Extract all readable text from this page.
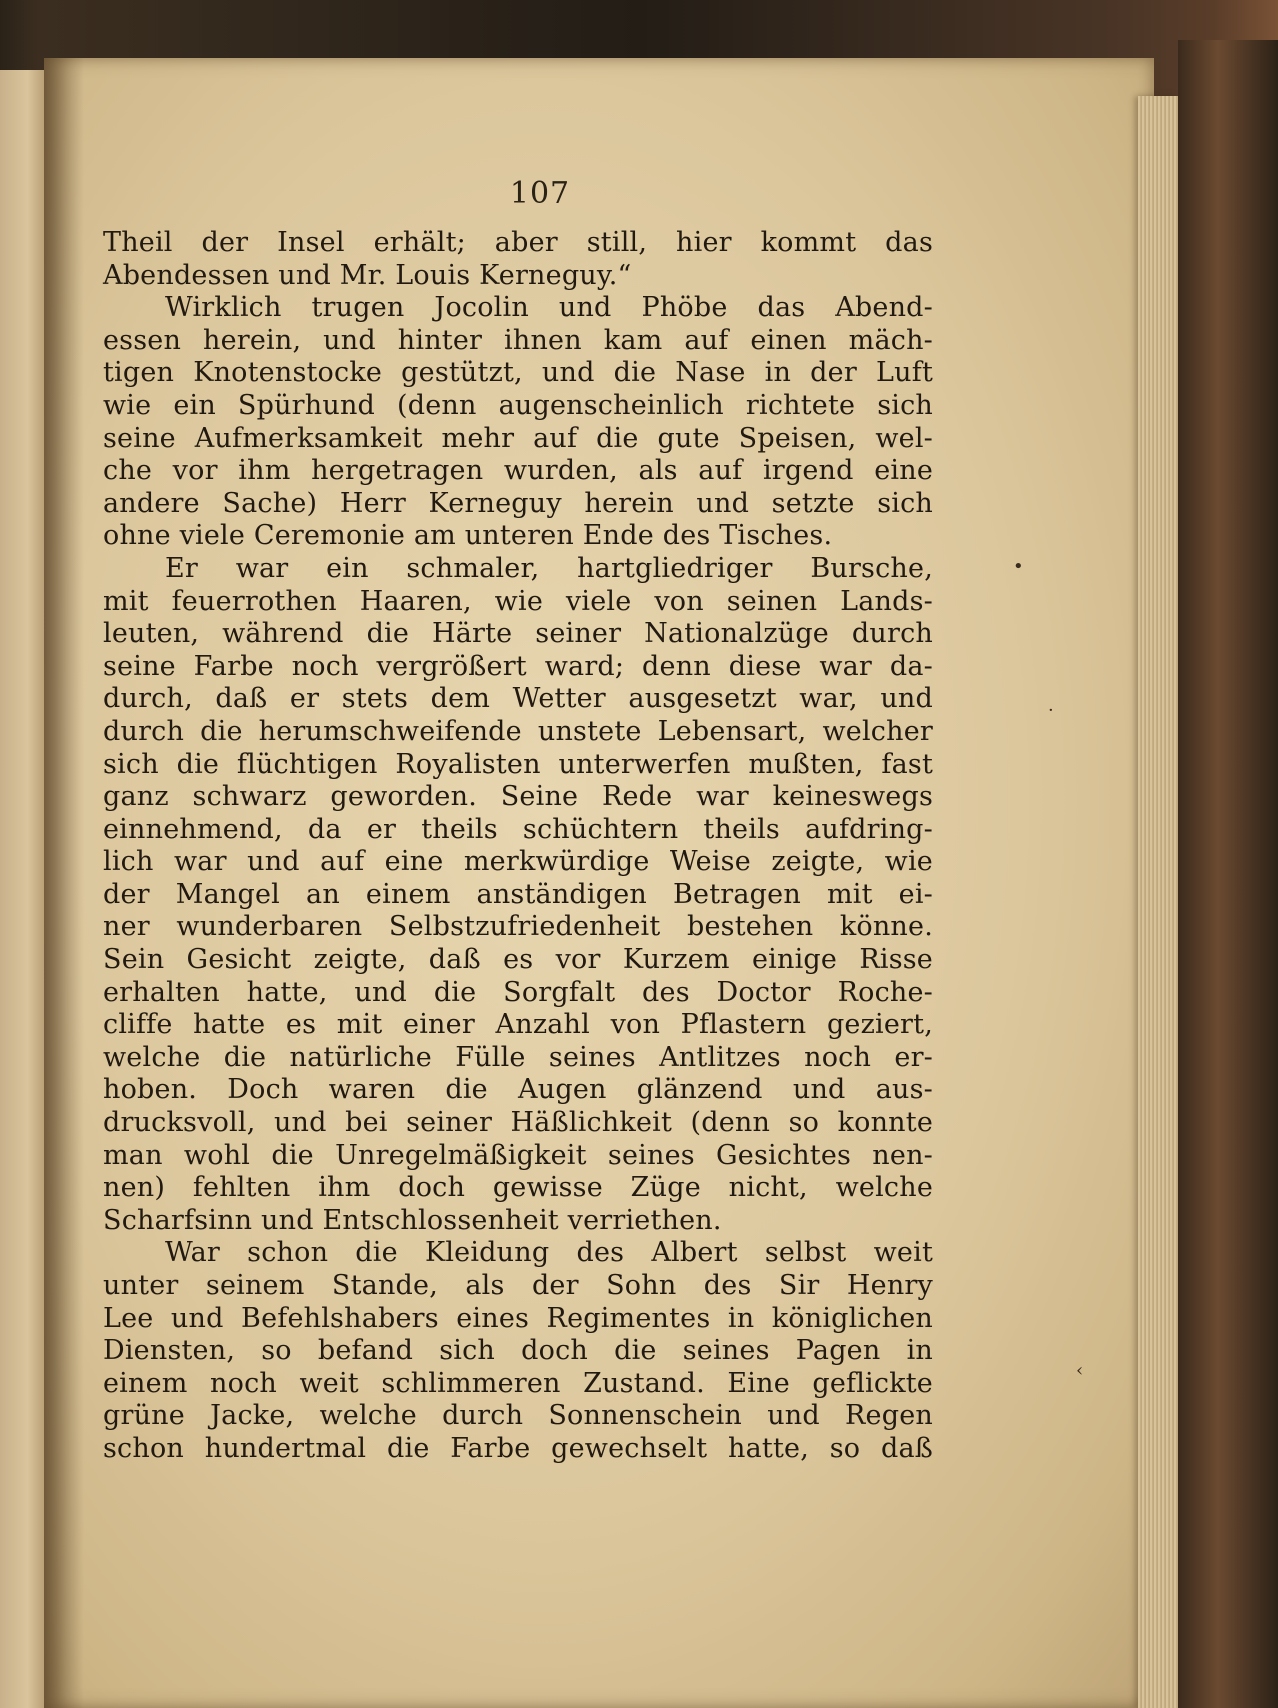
107
Theil der Insel erhält; aber still, hier kommt das
Abendessen und Mr. Louis Kerneguy.“
Wirklich trugen Jocolin und Phöbe das Abend-
essen herein, und hinter ihnen kam auf einen mäch-
tigen Knotenstocke gestützt, und die Nase in der Luft
wie ein Spürhund (denn augenscheinlich richtete sich
seine Aufmerksamkeit mehr auf die gute Speisen, wel-
che vor ihm hergetragen wurden, als auf irgend eine
andere Sache) Herr Kerneguy herein und setzte sich
ohne viele Ceremonie am unteren Ende des Tisches.
Er war ein schmaler, hartgliedriger Bursche,
mit feuerrothen Haaren, wie viele von seinen Lands-
leuten, während die Härte seiner Nationalzüge durch
seine Farbe noch vergrößert ward; denn diese war da-
durch, daß er stets dem Wetter ausgesetzt war, und
durch die herumschweifende unstete Lebensart, welcher
sich die flüchtigen Royalisten unterwerfen mußten, fast
ganz schwarz geworden. Seine Rede war keineswegs
einnehmend, da er theils schüchtern theils aufdring-
lich war und auf eine merkwürdige Weise zeigte, wie
der Mangel an einem anständigen Betragen mit ei-
ner wunderbaren Selbstzufriedenheit bestehen könne.
Sein Gesicht zeigte, daß es vor Kurzem einige Risse
erhalten hatte, und die Sorgfalt des Doctor Roche-
cliffe hatte es mit einer Anzahl von Pflastern geziert,
welche die natürliche Fülle seines Antlitzes noch er-
hoben. Doch waren die Augen glänzend und aus-
drucksvoll, und bei seiner Häßlichkeit (denn so konnte
man wohl die Unregelmäßigkeit seines Gesichtes nen-
nen) fehlten ihm doch gewisse Züge nicht, welche
Scharfsinn und Entschlossenheit verriethen.
War schon die Kleidung des Albert selbst weit
unter seinem Stande, als der Sohn des Sir Henry
Lee und Befehlshabers eines Regimentes in königlichen
Diensten, so befand sich doch die seines Pagen in
einem noch weit schlimmeren Zustand. Eine geflickte
grüne Jacke, welche durch Sonnenschein und Regen
schon hundertmal die Farbe gewechselt hatte, so daß
•
·
‹
